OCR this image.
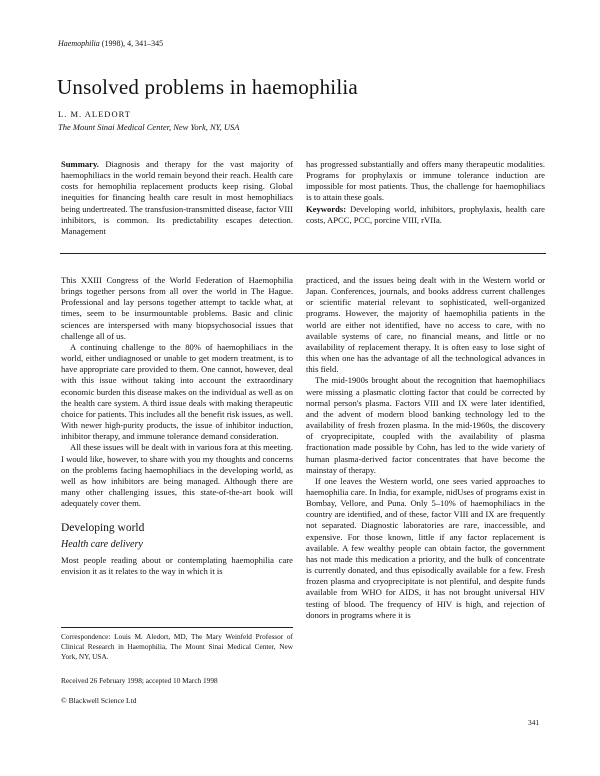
Haemophilia (1998), 4, 341–345
Unsolved problems in haemophilia
L. M. ALEDORT
The Mount Sinai Medical Center, New York, NY, USA
Summary. Diagnosis and therapy for the vast majority of haemophiliacs in the world remain beyond their reach. Health care costs for hemophilia replacement products keep rising. Global inequities for financing health care result in most hemophiliacs being undertreated. The transfusion-transmitted disease, factor VIII inhibitors, is common. Its predictability escapes detection. Management

has progressed substantially and offers many therapeutic modalities. Programs for prophylaxis or immune tolerance induction are impossible for most patients. Thus, the challenge for haemophiliacs is to attain these goals.

Keywords: Developing world, inhibitors, prophylaxis, health care costs, APCC, PCC, porcine VIII, rVIIa.

This XXIII Congress of the World Federation of Haemophilia brings together persons from all over the world in The Hague. Professional and lay persons together attempt to tackle what, at times, seem to be insurmountable problems. Basic and clinic sciences are interspersed with many biopsychosocial issues that challenge all of us.

A continuing challenge to the 80% of haemophiliacs in the world, either undiagnosed or unable to get modern treatment, is to have appropriate care provided to them. One cannot, however, deal with this issue without taking into account the extraordinary economic burden this disease makes on the individual as well as on the health care system. A third issue deals with making therapeutic choice for patients. This includes all the benefit risk issues, as well. With newer high-purity products, the issue of inhibitor induction, inhibitor therapy, and immune tolerance demand consideration.

All these issues will be dealt with in various fora at this meeting. I would like, however, to share with you my thoughts and concerns on the problems facing haemophiliacs in the developing world, as well as how inhibitors are being managed. Although there are many other challenging issues, this state-of-the-art book will adequately cover them.

Developing world
Health care delivery

Most people reading about or contemplating haemophilia care envision it as it relates to the way in which it is

practiced, and the issues being dealt with in the Western world or Japan. Conferences, journals, and books address current challenges or scientific material relevant to sophisticated, well-organized programs. However, the majority of haemophilia patients in the world are either not identified, have no access to care, with no available systems of care, no financial means, and little or no availability of replacement therapy. It is often easy to lose sight of this when one has the advantage of all the technological advances in this field.

The mid-1900s brought about the recognition that haemophiliacs were missing a plasmatic clotting factor that could be corrected by normal person's plasma. Factors VIII and IX were later identified, and the advent of modern blood banking technology led to the availability of fresh frozen plasma. In the mid-1960s, the discovery of cryoprecipitate, coupled with the availability of plasma fractionation made possible by Cohn, has led to the wide variety of human plasma-derived factor concentrates that have become the mainstay of therapy.

If one leaves the Western world, one sees varied approaches to haemophilia care. In India, for example, nidUses of programs exist in Bombay, Vellore, and Puna. Only 5–10% of haemophiliacs in the country are identified, and of these, factor VIII and IX are frequently not separated. Diagnostic laboratories are rare, inaccessible, and expensive. For those known, little if any factor replacement is available. A few wealthy people can obtain factor, the government has not made this medication a priority, and the bulk of concentrate is currently donated, and thus episodically available for a few. Fresh frozen plasma and cryoprecipitate is not plentiful, and despite funds available from WHO for AIDS, it has not brought universal HIV testing of blood. The frequency of HIV is high, and rejection of donors in programs where it is

Correspondence: Louis M. Aledort, MD, The Mary Weinfeld Professor of Clinical Research in Haemophilia, The Mount Sinai Medical Center, New York, NY, USA.
Received 26 February 1998; accepted 10 March 1998
© Blackwell Science Ltd
341
